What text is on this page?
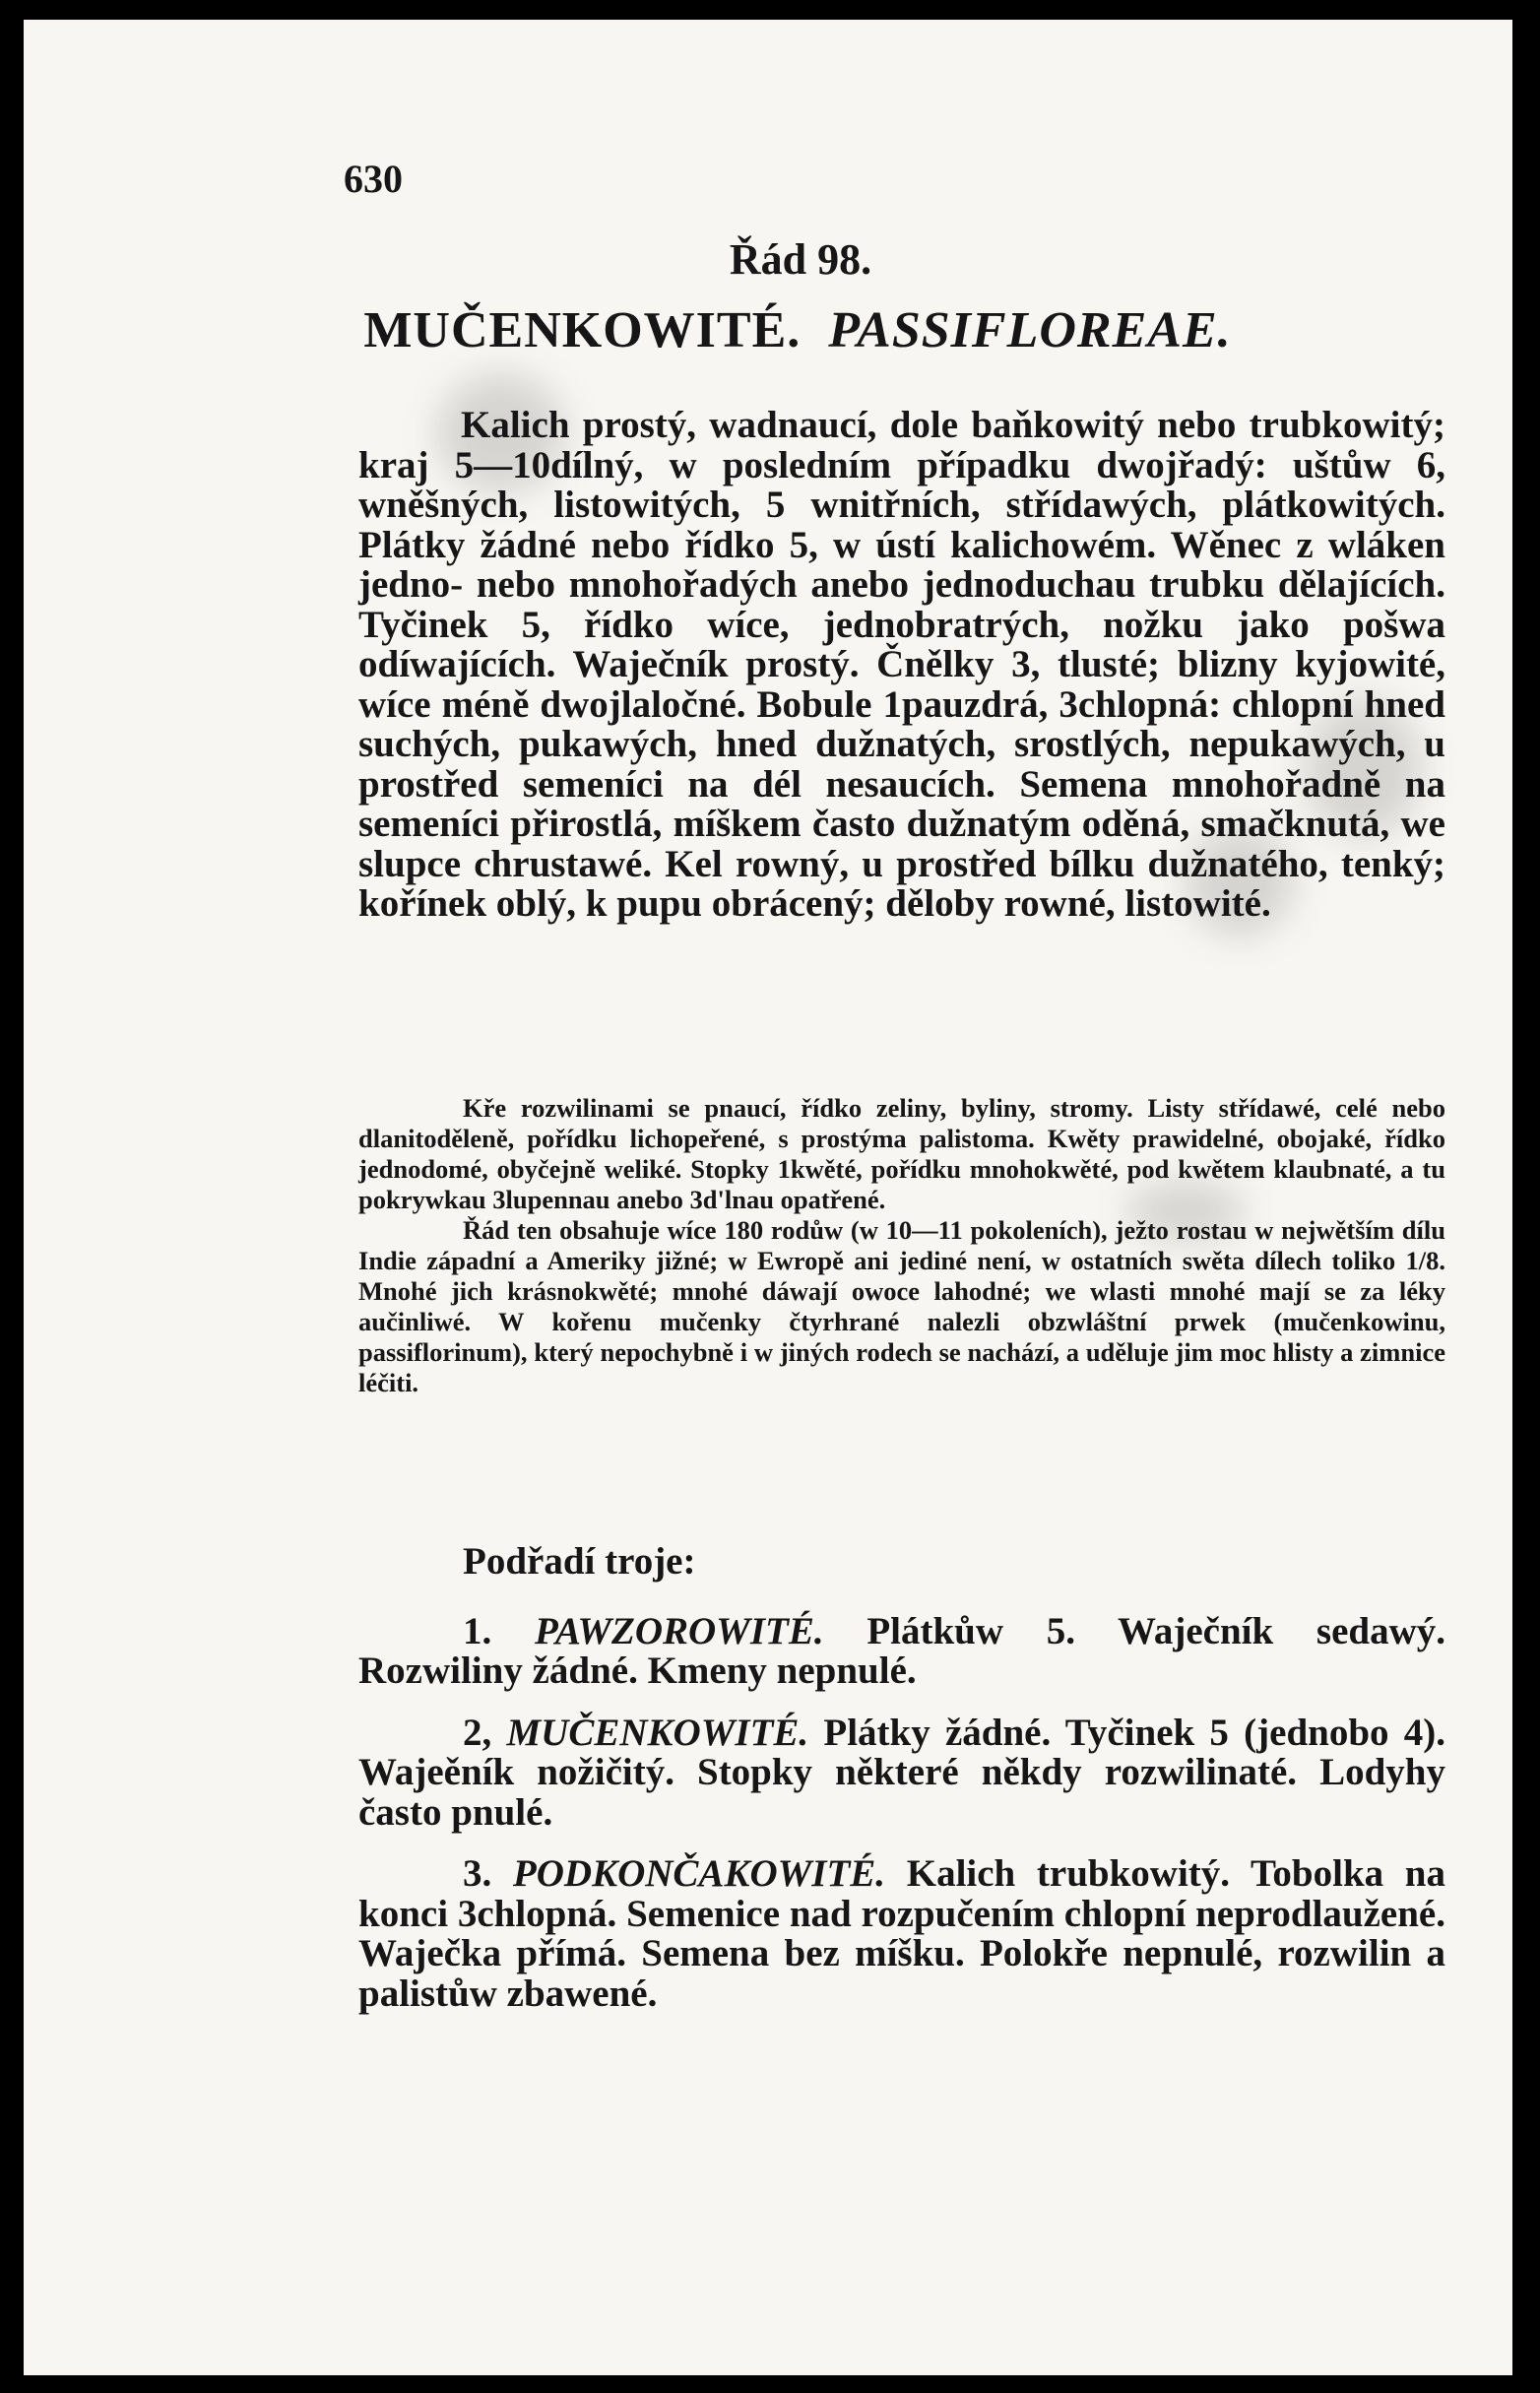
630
Řád 98.
MUČENKOWITÉ. PASSIFLOREAE.
Kalich prostý, wadnaucí, dole baňkowitý nebo trubkowitý; kraj 5—10dílný, w posledním případku dwojřadý: uštůw 6, wněšných, listowitých, 5 wnitřních, střídawých, plátkowitých. Plátky žádné nebo řídko 5, w ústí kalichowém. Wěnec z wláken jedno- nebo mnohořadých anebo jednoduchau trubku dělajících. Tyčinek 5, řídko wíce, jednobratrých, nožku jako pošwa odíwajících. Waječník prostý. Čnělky 3, tlusté; blizny kyjowité, wíce méně dwojlaločné. Bobule 1pauzdrá, 3chlopná: chlopní hned suchých, pukawých, hned dužnatých, srostlých, nepukawých, u prostřed semeníci na dél nesaucích. Semena mnohořadně na semeníci přirostlá, míškem často dužnatým oděná, smačknutá, we slupce chrustawé. Kel rowný, u prostřed bílku dužnatého, tenký; kořínek oblý, k pupu obrácený; děloby rowné, listowité.

Kře rozwilinami se pnaucí, řídko zeliny, byliny, stromy. Listy střídawé, celé nebo dlanitoděleně, pořídku lichopeřené, s prostýma palistoma. Kwěty prawidelné, obojaké, řídko jednodomé, obyčejně weliké. Stopky 1kwěté, pořídku mnohokwěté, pod kwětem klaubnaté, a tu pokrywkau 3lupennau anebo 3d'lnau opatřené.

Řád ten obsahuje wíce 180 rodůw (w 10—11 pokoleních), ježto rostau w nejwětším dílu Indie západní a Ameriky jižné; w Ewropě ani jediné není, w ostatních swěta dílech toliko 1/8. Mnohé jich krásnokwěté; mnohé dáwají owoce lahodné; we wlasti mnohé mají se za léky aučinliwé. W kořenu mučenky čtyrhrané nalezli obzwláštní prwek (mučenkowinu, passiflorinum), který nepochybně i w jiných rodech se nachází, a uděluje jim moc hlisty a zimnice léčiti.

Podřadí troje:

1. PAWZOROWITÉ. Plátkůw 5. Waječník sedawý. Rozwiliny žádné. Kmeny nepnulé.

2, MUČENKOWITÉ. Plátky žádné. Tyčinek 5 (jednobo 4). Wajeěník nožičitý. Stopky některé někdy rozwilinaté. Lodyhy často pnulé.

3. PODKONČAKOWITÉ. Kalich trubkowitý. Tobolka na konci 3chlopná. Semenice nad rozpučením chlopní neprodlaužené. Waječka přímá. Semena bez míšku. Polokře nepnulé, rozwilin a palistůw zbawené.
